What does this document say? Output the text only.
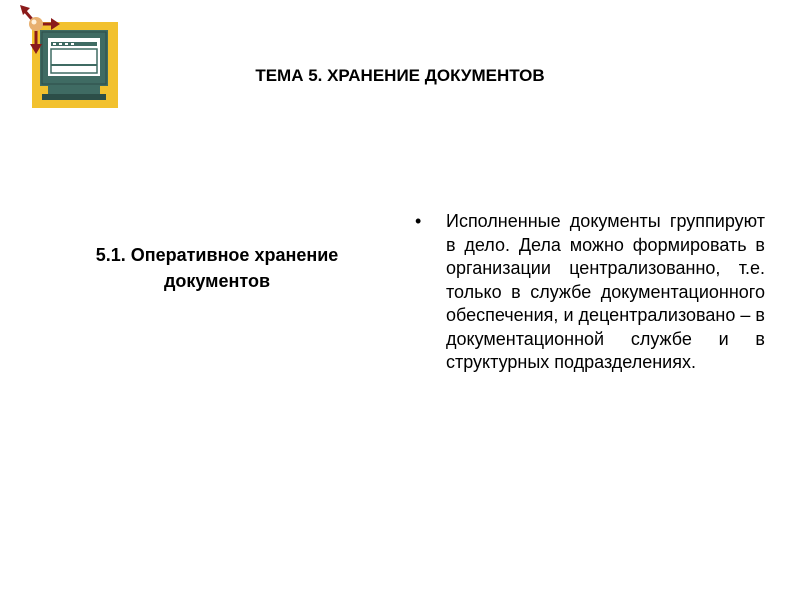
ТЕМА 5. ХРАНЕНИЕ ДОКУМЕНТОВ
5.1. Оперативное хранение
документов
• Исполненные документы группируют в дело. Дела можно формировать в организации централизованно, т.е. только в службе документационного обеспечения, и децентрализовано – в документационной службе и в структурных подразделениях.
